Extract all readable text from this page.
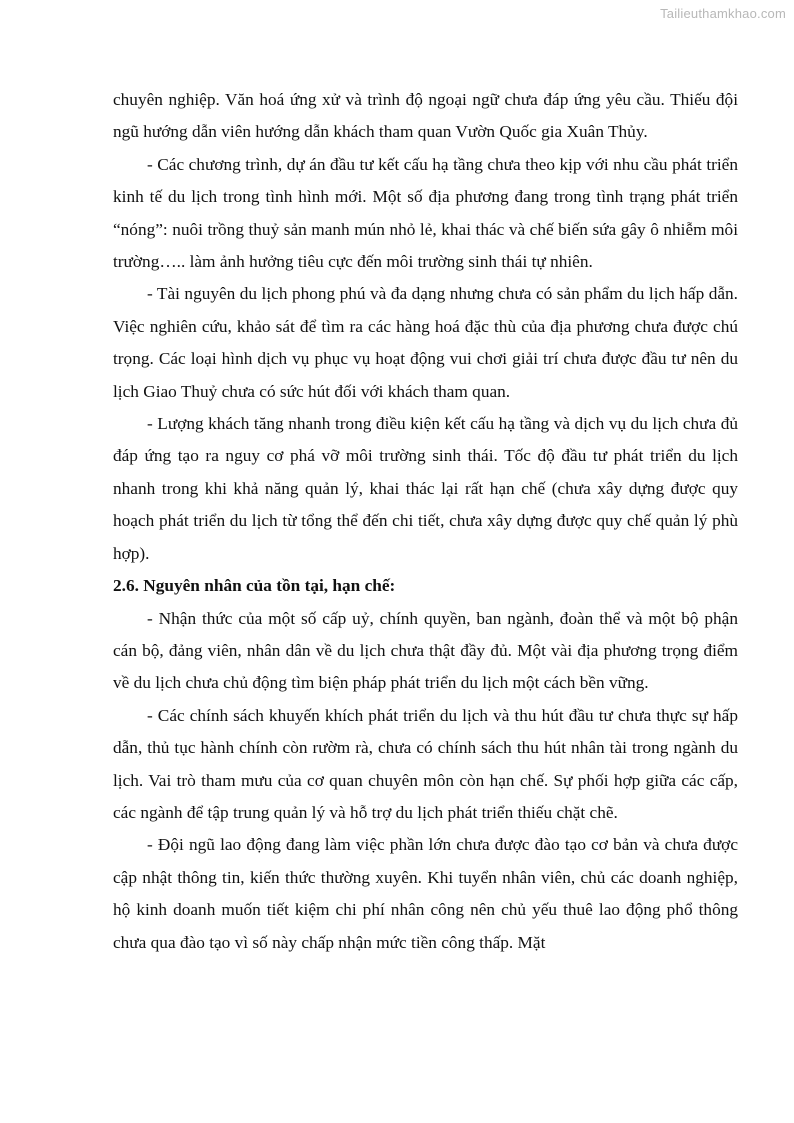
Tailieuthamkhao.com

chuyên nghiệp. Văn hoá ứng xử và trình độ ngoại ngữ chưa đáp ứng yêu cầu. Thiếu đội ngũ hướng dẫn viên hướng dẫn khách tham quan Vườn Quốc gia Xuân Thủy.

- Các chương trình, dự án đầu tư kết cấu hạ tầng chưa theo kịp với nhu cầu phát triển kinh tế du lịch trong tình hình mới. Một số địa phương đang trong tình trạng phát triển “nóng”: nuôi trồng thuỷ sản manh mún nhỏ lẻ, khai thác và chế biến sứa gây ô nhiễm môi trường….. làm ảnh hưởng tiêu cực đến môi trường sinh thái tự nhiên.

- Tài nguyên du lịch phong phú và đa dạng nhưng chưa có sản phẩm du lịch hấp dẫn. Việc nghiên cứu, khảo sát để tìm ra các hàng hoá đặc thù của địa phương chưa được chú trọng. Các loại hình dịch vụ phục vụ hoạt động vui chơi giải trí chưa được đầu tư nên du lịch Giao Thuỷ chưa có sức hút đối với khách tham quan.

- Lượng khách tăng nhanh trong điều kiện kết cấu hạ tầng và dịch vụ du lịch chưa đủ đáp ứng tạo ra nguy cơ phá vỡ môi trường sinh thái. Tốc độ đầu tư phát triển du lịch nhanh trong khi khả năng quản lý, khai thác lại rất hạn chế (chưa xây dựng được quy hoạch phát triển du lịch từ tổng thể đến chi tiết, chưa xây dựng được quy chế quản lý phù hợp).

2.6. Nguyên nhân của tồn tại, hạn chế:

- Nhận thức của một số cấp uỷ, chính quyền, ban ngành, đoàn thể và một bộ phận cán bộ, đảng viên, nhân dân về du lịch chưa thật đầy đủ. Một vài địa phương trọng điểm về du lịch chưa chủ động tìm biện pháp phát triển du lịch một cách bền vững.

- Các chính sách khuyến khích phát triển du lịch và thu hút đầu tư chưa thực sự hấp dẫn, thủ tục hành chính còn rườm rà, chưa có chính sách thu hút nhân tài trong ngành du lịch. Vai trò tham mưu của cơ quan chuyên môn còn hạn chế. Sự phối hợp giữa các cấp, các ngành để tập trung quản lý và hỗ trợ du lịch phát triển thiếu chặt chẽ.

- Đội ngũ lao động đang làm việc phần lớn chưa được đào tạo cơ bản và chưa được cập nhật thông tin, kiến thức thường xuyên. Khi tuyển nhân viên, chủ các doanh nghiệp, hộ kinh doanh muốn tiết kiệm chi phí nhân công nên chủ yếu thuê lao động phổ thông chưa qua đào tạo vì số này chấp nhận mức tiền công thấp. Mặt
